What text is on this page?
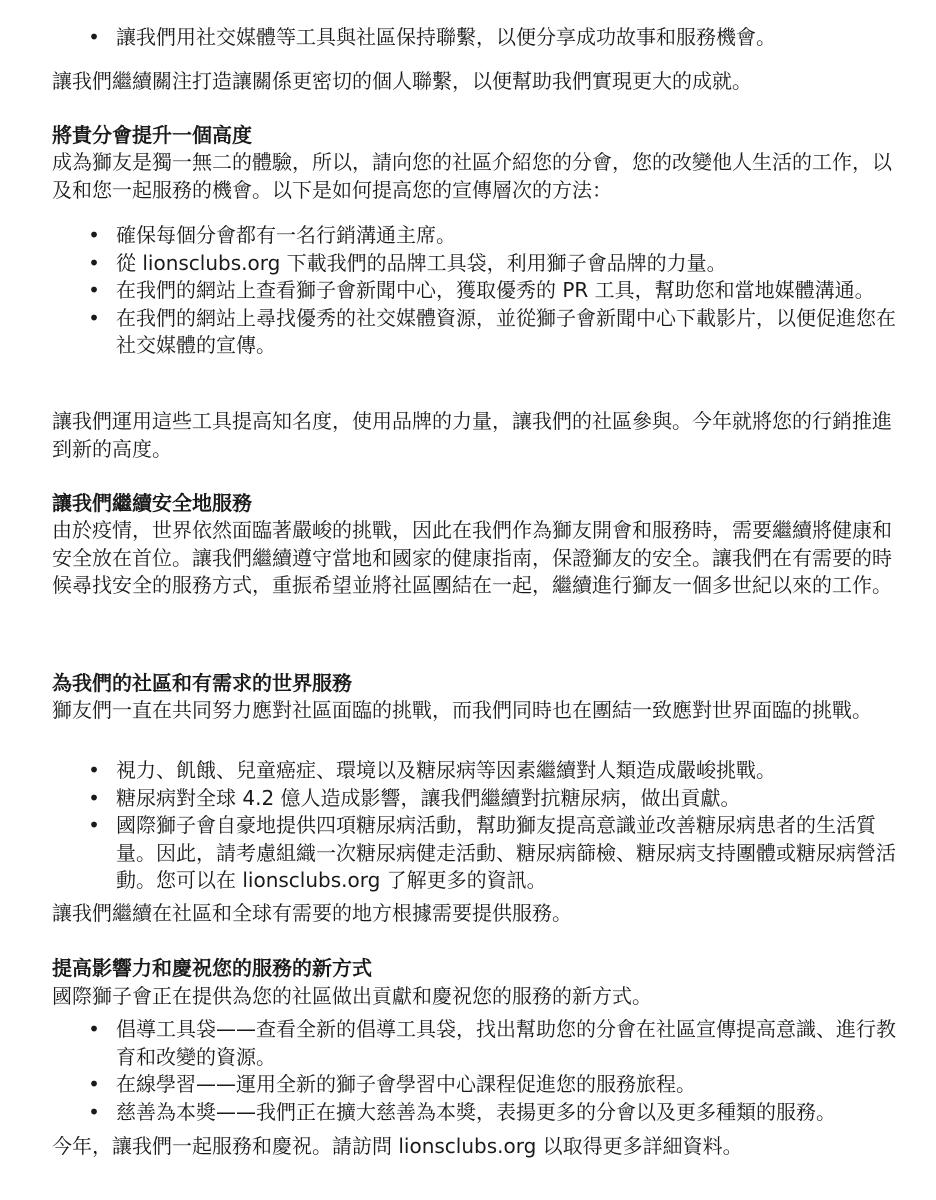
• 讓我們用社交媒體等工具與社區保持聯繫，以便分享成功故事和服務機會。

讓我們繼續關注打造讓關係更密切的個人聯繫，以便幫助我們實現更大的成就。

將貴分會提升一個高度

成為獅友是獨一無二的體驗，所以，請向您的社區介紹您的分會，您的改變他人生活的工作，以及和您一起服務的機會。以下是如何提高您的宣傳層次的方法：

• 確保每個分會都有一名行銷溝通主席。
• 從 lionsclubs.org 下載我們的品牌工具袋，利用獅子會品牌的力量。
• 在我們的網站上查看獅子會新聞中心，獲取優秀的 PR 工具，幫助您和當地媒體溝通。
• 在我們的網站上尋找優秀的社交媒體資源，並從獅子會新聞中心下載影片，以便促進您在社交媒體的宣傳。

讓我們運用這些工具提高知名度，使用品牌的力量，讓我們的社區參與。今年就將您的行銷推進到新的高度。

讓我們繼續安全地服務

由於疫情，世界依然面臨著嚴峻的挑戰，因此在我們作為獅友開會和服務時，需要繼續將健康和安全放在首位。讓我們繼續遵守當地和國家的健康指南，保證獅友的安全。讓我們在有需要的時候尋找安全的服務方式，重振希望並將社區團結在一起，繼續進行獅友一個多世紀以來的工作。

為我們的社區和有需求的世界服務

獅友們一直在共同努力應對社區面臨的挑戰，而我們同時也在團結一致應對世界面臨的挑戰。

• 視力、飢餓、兒童癌症、環境以及糖尿病等因素繼續對人類造成嚴峻挑戰。
• 糖尿病對全球 4.2 億人造成影響，讓我們繼續對抗糖尿病，做出貢獻。
• 國際獅子會自豪地提供四項糖尿病活動，幫助獅友提高意識並改善糖尿病患者的生活質量。因此，請考慮組織一次糖尿病健走活動、糖尿病篩檢、糖尿病支持團體或糖尿病營活動。您可以在 lionsclubs.org 了解更多的資訊。

讓我們繼續在社區和全球有需要的地方根據需要提供服務。

提高影響力和慶祝您的服務的新方式

國際獅子會正在提供為您的社區做出貢獻和慶祝您的服務的新方式。

• 倡導工具袋——查看全新的倡導工具袋，找出幫助您的分會在社區宣傳提高意識、進行教育和改變的資源。
• 在線學習——運用全新的獅子會學習中心課程促進您的服務旅程。
• 慈善為本獎——我們正在擴大慈善為本獎，表揚更多的分會以及更多種類的服務。

今年，讓我們一起服務和慶祝。請訪問 lionsclubs.org 以取得更多詳細資料。
